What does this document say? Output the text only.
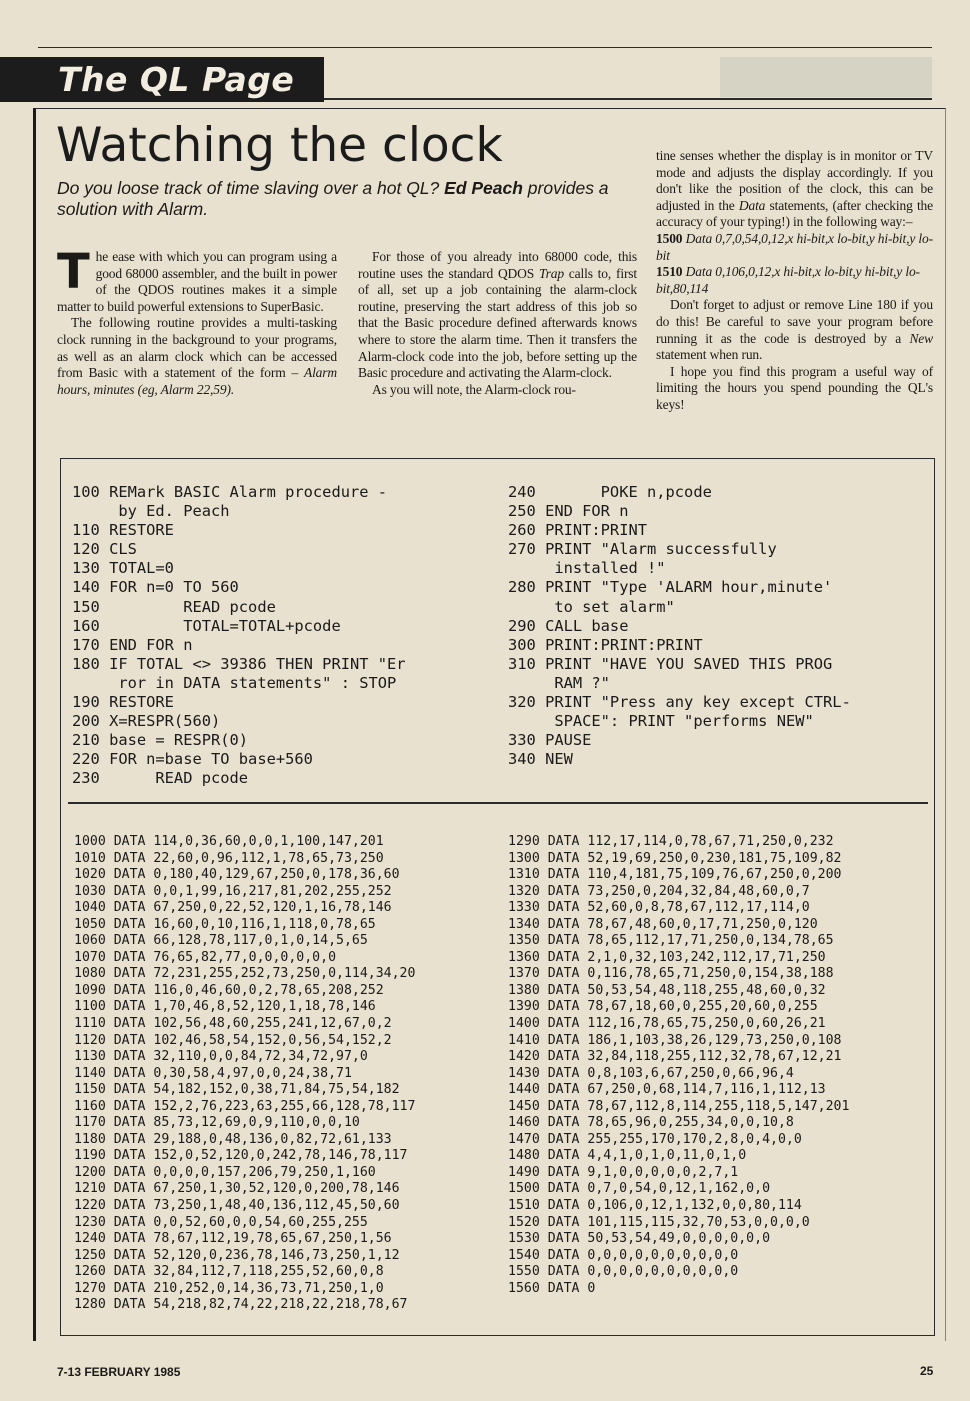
The QL Page
Watching the clock
Do you loose track of time slaving over a hot QL? Ed Peach provides a solution with Alarm.

The ease with which you can program using a good 68000 assembler, and the built in power of the QDOS routines makes it a simple matter to build powerful extensions to SuperBasic.

The following routine provides a multi-tasking clock running in the background to your programs, as well as an alarm clock which can be accessed from Basic with a statement of the form – Alarm hours, minutes (eg, Alarm 22,59).

For those of you already into 68000 code, this routine uses the standard QDOS Trap calls to, first of all, set up a job containing the alarm-clock routine, preserving the start address of this job so that the Basic procedure defined afterwards knows where to store the alarm time. Then it transfers the Alarm-clock code into the job, before setting up the Basic procedure and activating the Alarm-clock.

As you will note, the Alarm-clock rou-

tine senses whether the display is in monitor or TV mode and adjusts the display accordingly. If you don't like the position of the clock, this can be adjusted in the Data statements, (after checking the accuracy of your typing!) in the following way:–

1500 Data 0,7,0,54,0,12,x hi-bit,x lo-bit,y hi-bit,y lo-bit

1510 Data 0,106,0,12,x hi-bit,x lo-bit,y hi-bit,y lo-bit,80,114

Don't forget to adjust or remove Line 180 if you do this! Be careful to save your program before running it as the code is destroyed by a New statement when run.

I hope you find this program a useful way of limiting the hours you spend pounding the QL's keys!

100 REMark BASIC Alarm procedure -
by Ed. Peach
110 RESTORE
120 CLS
130 TOTAL=0
140 FOR n=0 TO 560
150         READ pcode
160         TOTAL=TOTAL+pcode
170 END FOR n
180 IF TOTAL <> 39386 THEN PRINT "Er
ror in DATA statements" : STOP
190 RESTORE
200 X=RESPR(560)
210 base = RESPR(0)
220 FOR n=base TO base+560
230      READ pcode
240       POKE n,pcode
250 END FOR n
260 PRINT:PRINT
270 PRINT "Alarm successfully
installed !"
280 PRINT "Type 'ALARM hour,minute'
to set alarm"
290 CALL base
300 PRINT:PRINT:PRINT
310 PRINT "HAVE YOU SAVED THIS PROG
RAM ?"
320 PRINT "Press any key except CTRL-
SPACE": PRINT "performs NEW"
330 PAUSE
340 NEW
1000 DATA 114,0,36,60,0,0,1,100,147,201
1010 DATA 22,60,0,96,112,1,78,65,73,250
1020 DATA 0,180,40,129,67,250,0,178,36,60
1030 DATA 0,0,1,99,16,217,81,202,255,252
1040 DATA 67,250,0,22,52,120,1,16,78,146
1050 DATA 16,60,0,10,116,1,118,0,78,65
1060 DATA 66,128,78,117,0,1,0,14,5,65
1070 DATA 76,65,82,77,0,0,0,0,0,0
1080 DATA 72,231,255,252,73,250,0,114,34,20
1090 DATA 116,0,46,60,0,2,78,65,208,252
1100 DATA 1,70,46,8,52,120,1,18,78,146
1110 DATA 102,56,48,60,255,241,12,67,0,2
1120 DATA 102,46,58,54,152,0,56,54,152,2
1130 DATA 32,110,0,0,84,72,34,72,97,0
1140 DATA 0,30,58,4,97,0,0,24,38,71
1150 DATA 54,182,152,0,38,71,84,75,54,182
1160 DATA 152,2,76,223,63,255,66,128,78,117
1170 DATA 85,73,12,69,0,9,110,0,0,10
1180 DATA 29,188,0,48,136,0,82,72,61,133
1190 DATA 152,0,52,120,0,242,78,146,78,117
1200 DATA 0,0,0,0,157,206,79,250,1,160
1210 DATA 67,250,1,30,52,120,0,200,78,146
1220 DATA 73,250,1,48,40,136,112,45,50,60
1230 DATA 0,0,52,60,0,0,54,60,255,255
1240 DATA 78,67,112,19,78,65,67,250,1,56
1250 DATA 52,120,0,236,78,146,73,250,1,12
1260 DATA 32,84,112,7,118,255,52,60,0,8
1270 DATA 210,252,0,14,36,73,71,250,1,0
1280 DATA 54,218,82,74,22,218,22,218,78,67
1290 DATA 112,17,114,0,78,67,71,250,0,232
1300 DATA 52,19,69,250,0,230,181,75,109,82
1310 DATA 110,4,181,75,109,76,67,250,0,200
1320 DATA 73,250,0,204,32,84,48,60,0,7
1330 DATA 52,60,0,8,78,67,112,17,114,0
1340 DATA 78,67,48,60,0,17,71,250,0,120
1350 DATA 78,65,112,17,71,250,0,134,78,65
1360 DATA 2,1,0,32,103,242,112,17,71,250
1370 DATA 0,116,78,65,71,250,0,154,38,188
1380 DATA 50,53,54,48,118,255,48,60,0,32
1390 DATA 78,67,18,60,0,255,20,60,0,255
1400 DATA 112,16,78,65,75,250,0,60,26,21
1410 DATA 186,1,103,38,26,129,73,250,0,108
1420 DATA 32,84,118,255,112,32,78,67,12,21
1430 DATA 0,8,103,6,67,250,0,66,96,4
1440 DATA 67,250,0,68,114,7,116,1,112,13
1450 DATA 78,67,112,8,114,255,118,5,147,201
1460 DATA 78,65,96,0,255,34,0,0,10,8
1470 DATA 255,255,170,170,2,8,0,4,0,0
1480 DATA 4,4,1,0,1,0,11,0,1,0
1490 DATA 9,1,0,0,0,0,0,2,7,1
1500 DATA 0,7,0,54,0,12,1,162,0,0
1510 DATA 0,106,0,12,1,132,0,0,80,114
1520 DATA 101,115,115,32,70,53,0,0,0,0
1530 DATA 50,53,54,49,0,0,0,0,0,0
1540 DATA 0,0,0,0,0,0,0,0,0,0
1550 DATA 0,0,0,0,0,0,0,0,0,0
1560 DATA 0
7-13 FEBRUARY 1985	25
